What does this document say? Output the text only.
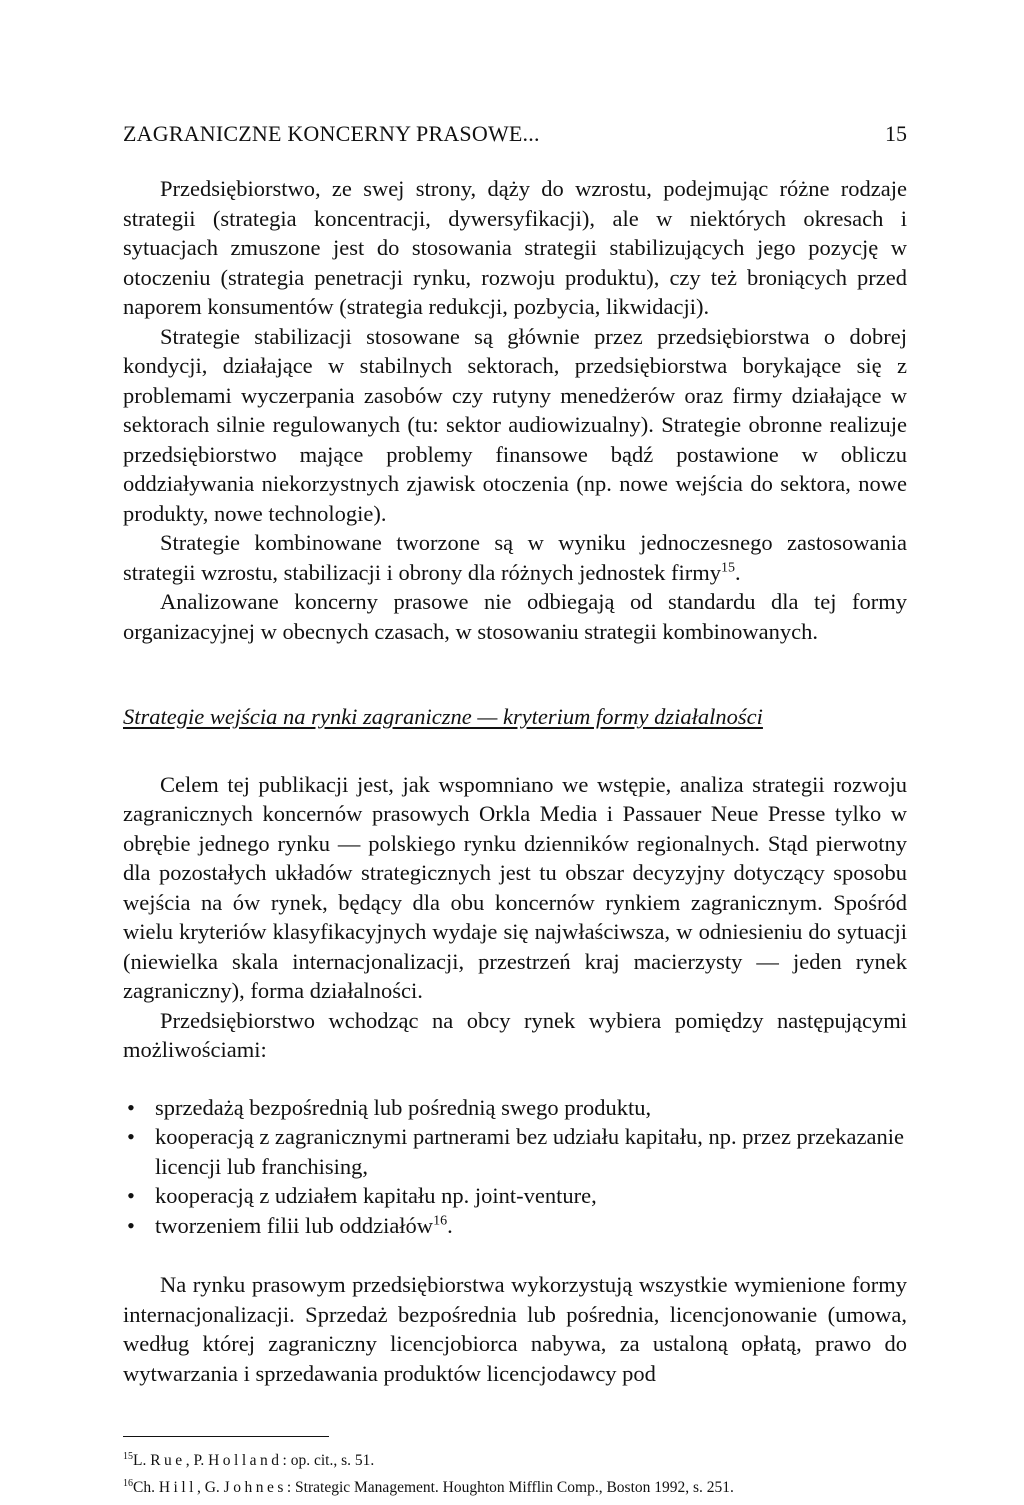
ZAGRANICZNE KONCERNY PRASOWE...	15

Przedsiębiorstwo, ze swej strony, dąży do wzrostu, podejmując różne rodzaje strategii (strategia koncentracji, dywersyfikacji), ale w niektórych okresach i sytuacjach zmuszone jest do stosowania strategii stabilizujących jego pozycję w otoczeniu (strategia penetracji rynku, rozwoju produktu), czy też broniących przed naporem konsumentów (strategia redukcji, pozbycia, likwidacji).

Strategie stabilizacji stosowane są głównie przez przedsiębiorstwa o dobrej kondycji, działające w stabilnych sektorach, przedsiębiorstwa borykające się z problemami wyczerpania zasobów czy rutyny menedżerów oraz firmy działające w sektorach silnie regulowanych (tu: sektor audiowizualny). Strategie obronne realizuje przedsiębiorstwo mające problemy finansowe bądź postawione w obliczu oddziaływania niekorzystnych zjawisk otoczenia (np. nowe wejścia do sektora, nowe produkty, nowe technologie).

Strategie kombinowane tworzone są w wyniku jednoczesnego zastosowania strategii wzrostu, stabilizacji i obrony dla różnych jednostek firmy$^{15}$.

Analizowane koncerny prasowe nie odbiegają od standardu dla tej formy organizacyjnej w obecnych czasach, w stosowaniu strategii kombinowanych.

Strategie wejścia na rynki zagraniczne — kryterium formy działalności

Celem tej publikacji jest, jak wspomniano we wstępie, analiza strategii rozwoju zagranicznych koncernów prasowych Orkla Media i Passauer Neue Presse tylko w obrębie jednego rynku — polskiego rynku dzienników regionalnych. Stąd pierwotny dla pozostałych układów strategicznych jest tu obszar decyzyjny dotyczący sposobu wejścia na ów rynek, będący dla obu koncernów rynkiem zagranicznym. Spośród wielu kryteriów klasyfikacyjnych wydaje się najwłaściwsza, w odniesieniu do sytuacji (niewielka skala internacjonalizacji, przestrzeń kraj macierzysty — jeden rynek zagraniczny), forma działalności.

Przedsiębiorstwo wchodząc na obcy rynek wybiera pomiędzy następującymi możliwościami:

• sprzedażą bezpośrednią lub pośrednią swego produktu,
• kooperacją z zagranicznymi partnerami bez udziału kapitału, np. przez przekazanie licencji lub franchising,
• kooperacją z udziałem kapitału np. joint-venture,
• tworzeniem filii lub oddziałów$^{16}$.

Na rynku prasowym przedsiębiorstwa wykorzystują wszystkie wymienione formy internacjonalizacji. Sprzedaż bezpośrednia lub pośrednia, licencjonowanie (umowa, według której zagraniczny licencjobiorca nabywa, za ustaloną opłatą, prawo do wytwarzania i sprzedawania produktów licencjodawcy pod

$^{15}$L. Rue, P. Holland: op. cit., s. 51.
$^{16}$Ch. Hill, G. Johnes: Strategic Management. Houghton Mifflin Comp., Boston 1992, s. 251.
